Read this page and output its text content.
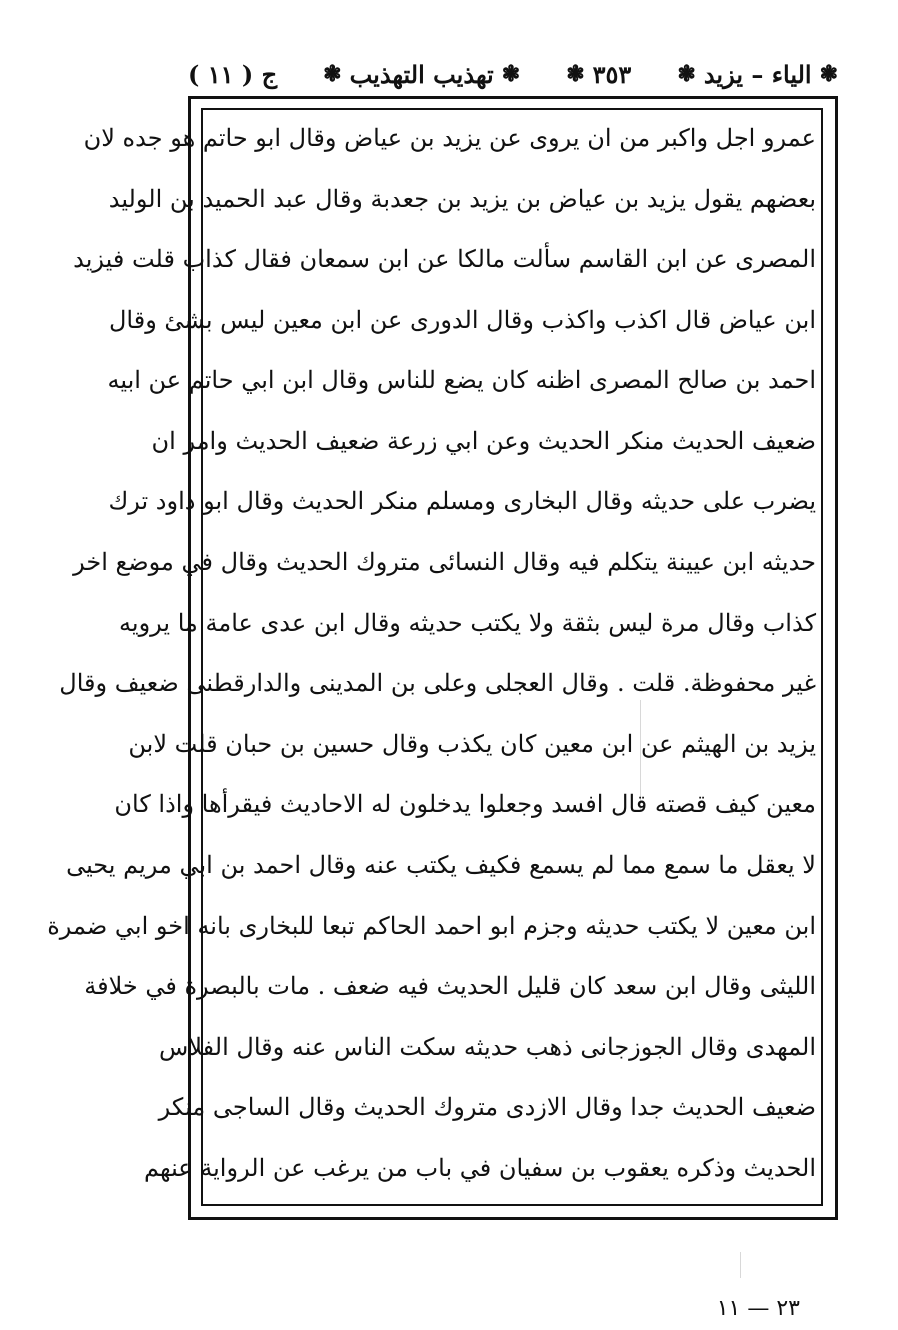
ج ( ١١ )	❃
تهذيب التهذيب
❃	٣٥٣
❃	❃
الياء – يزيد
❃
عمرو اجل واكبر من ان يروى عن يزيد بن عياض وقال ابو حاتم هو جده لان
بعضهم يقول يزيد بن عياض بن يزيد بن جعدبة وقال عبد الحميد بن الوليد
المصرى عن ابن القاسم سألت مالكا عن ابن سمعان فقال كذاب قلت فيزيد
ابن عياض قال اكذب واكذب وقال الدورى عن ابن معين ليس بشئ وقال
احمد بن صالح المصرى اظنه كان يضع للناس وقال ابن ابي حاتم عن ابيه
ضعيف الحديث منكر الحديث وعن ابي زرعة ضعيف الحديث وامر ان
يضرب على حديثه وقال البخارى ومسلم منكر الحديث وقال ابو داود ترك
حديثه ابن عيينة يتكلم فيه وقال النسائى متروك الحديث وقال في موضع اخر
كذاب وقال مرة ليس بثقة ولا يكتب حديثه وقال ابن عدى عامة ما يرويه
غير محفوظة. قلت . وقال العجلى وعلى بن المدينى والدارقطنى ضعيف وقال
يزيد بن الهيثم عن ابن معين كان يكذب وقال حسين بن حبان قلت لابن
معين كيف قصته قال افسد وجعلوا يدخلون له الاحاديث فيقرأها واذا كان
لا يعقل ما سمع مما لم يسمع فكيف يكتب عنه وقال احمد بن ابي مريم يحيى
ابن معين لا يكتب حديثه وجزم ابو احمد الحاكم تبعا للبخارى بانه اخو ابي ضمرة
الليثى وقال ابن سعد كان قليل الحديث فيه ضعف . مات بالبصرة في خلافة
المهدى وقال الجوزجانى ذهب حديثه سكت الناس عنه وقال الفلاس
ضعيف الحديث جدا وقال الازدى متروك الحديث وقال الساجى منكر
الحديث وذكره يعقوب بن سفيان في باب من يرغب عن الرواية عنهم
٢٣ — ١١
